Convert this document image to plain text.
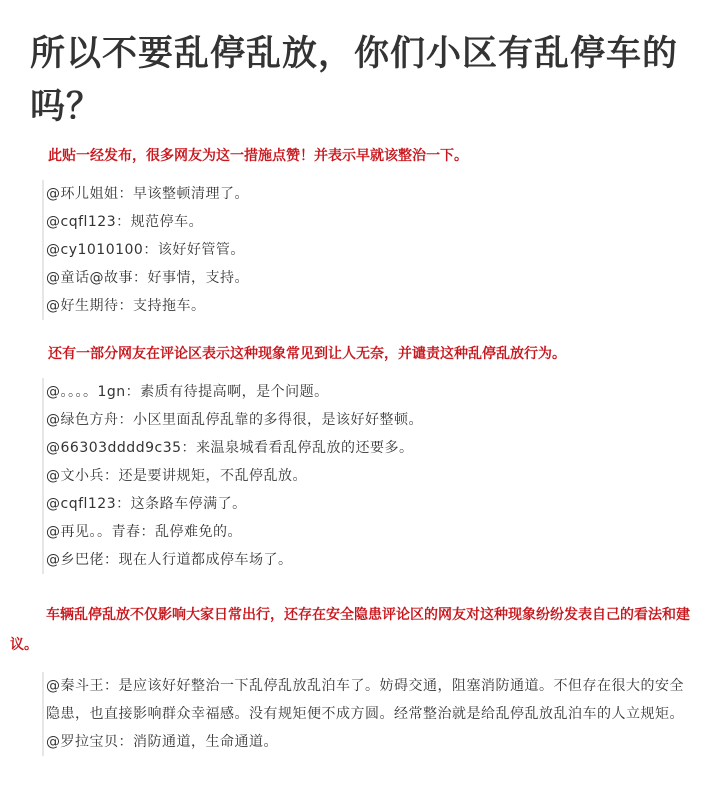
所以不要乱停乱放，你们小区有乱停车的吗？

此贴一经发布，很多网友为这一措施点赞！并表示早就该整治一下。

@环儿姐姐：早该整顿清理了。
@cqfl123：规范停车。
@cy1010100：该好好管管。
@童话@故事：好事情，支持。
@好生期待：支持拖车。

还有一部分网友在评论区表示这种现象常见到让人无奈，并谴责这种乱停乱放行为。

@。。。。1gn：素质有待提高啊，是个问题。
@绿色方舟：小区里面乱停乱靠的多得很，是该好好整顿。
@66303dddd9c35：来温泉城看看乱停乱放的还要多。
@文小兵：还是要讲规矩，不乱停乱放。
@cqfl123：这条路车停满了。
@再见。。青春：乱停难免的。
@乡巴佬：现在人行道都成停车场了。

车辆乱停乱放不仅影响大家日常出行，还存在安全隐患评论区的网友对这种现象纷纷发表自己的看法和建议。

@秦斗王：是应该好好整治一下乱停乱放乱泊车了。妨碍交通，阻塞消防通道。不但存在很大的安全隐患，也直接影响群众幸福感。没有规矩便不成方圆。经常整治就是给乱停乱放乱泊车的人立规矩。
@罗拉宝贝：消防通道，生命通道。
